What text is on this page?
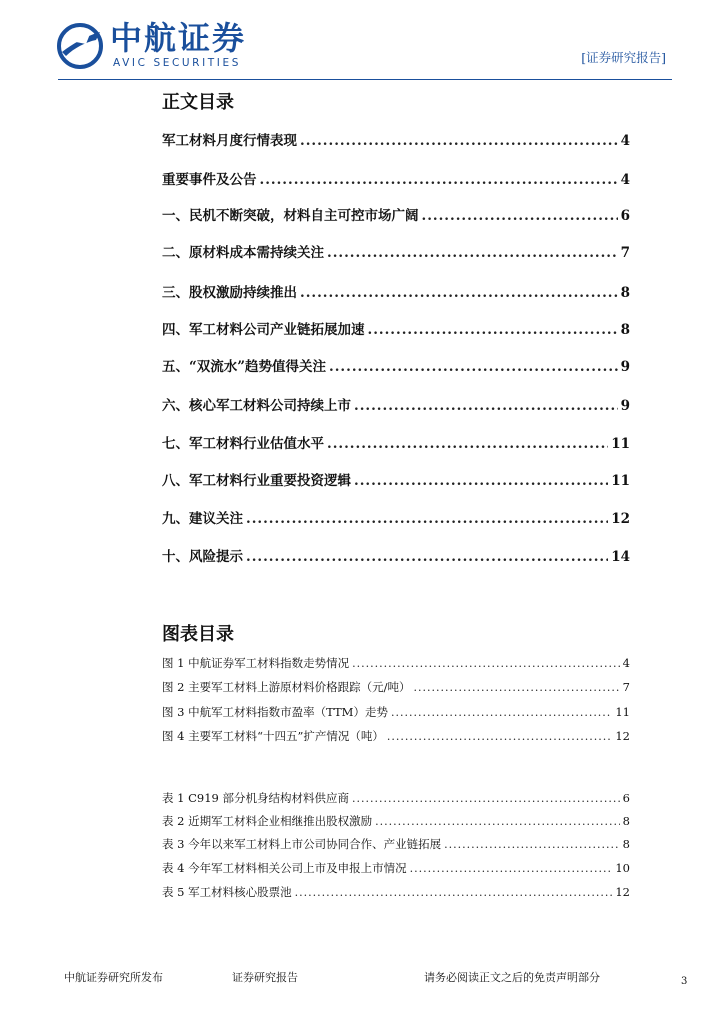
中航证券
AVIC SECURITIES	[证券研究报告]
正文目录
军工材料月度行情表现 .....	4
重要事件及公告 .....	4
一、 民机不断突破，材料自主可控市场广阔 .....	6
二、 原材料成本需持续关注 .....	7
三、 股权激励持续推出 .....	8
四、 军工材料公司产业链拓展加速 .....	8
五、 “双流水”趋势值得关注 .....	9
六、 核心军工材料公司持续上市 .....	9
七、 军工材料行业估值水平 .....	11
八、 军工材料行业重要投资逻辑 .....	11
九、 建议关注 .....	12
十、 风险提示 .....	14
图表目录
图 1 中航证券军工材料指数走势情况 .....	4
图 2 主要军工材料上游原材料价格跟踪（元/吨） .....	7
图 3 中航军工材料指数市盈率（TTM）走势 .....	11
图 4 主要军工材料“十四五”扩产情况（吨） .....	12
表 1 C919 部分机身结构材料供应商 .....	6
表 2 近期军工材料企业相继推出股权激励 .....	8
表 3 今年以来军工材料上市公司协同合作、产业链拓展 .....	8
表 4 今年军工材料相关公司上市及申报上市情况 .....	10
表 5 军工材料核心股票池 .....	12
中航证券研究所发布	证券研究报告	请务必阅读正文之后的免责声明部分	3
